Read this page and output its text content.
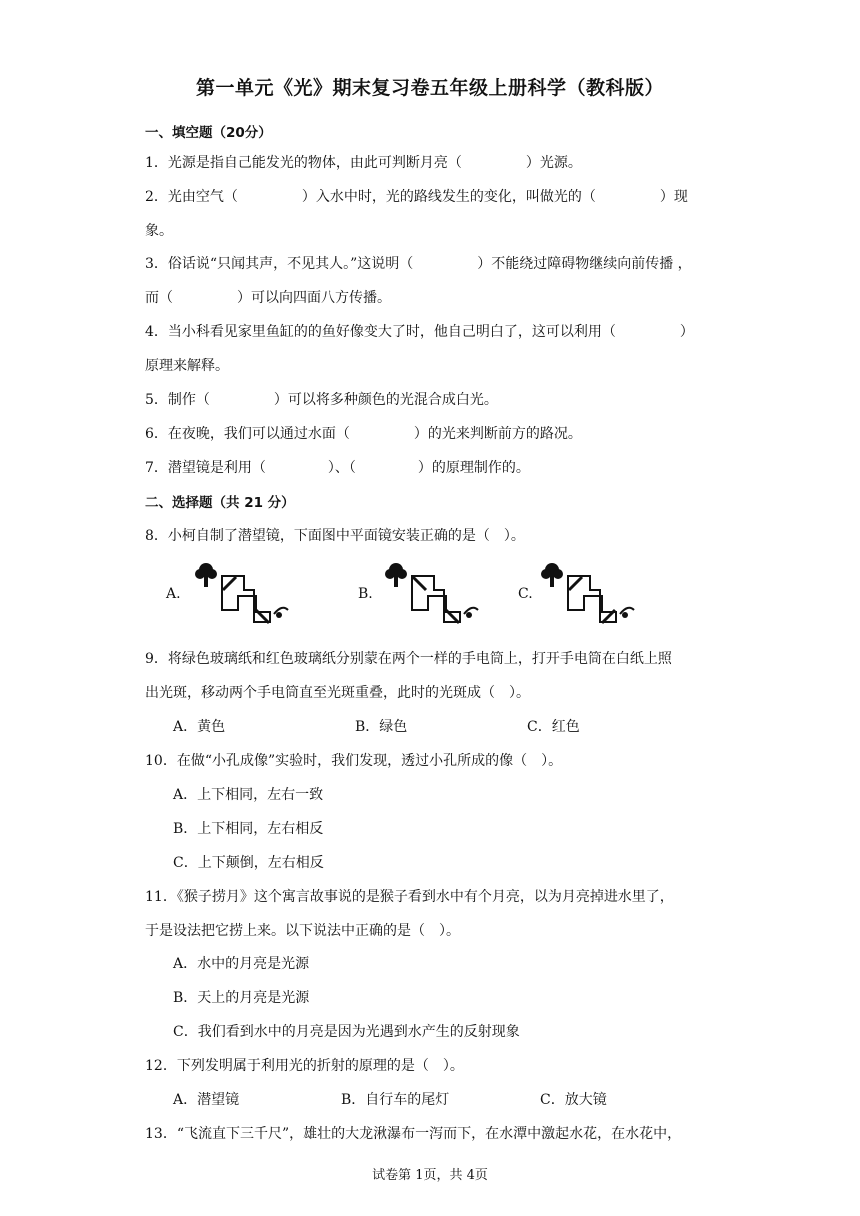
第一单元《光》期末复习卷五年级上册科学（教科版）
一、填空题（20分）
1．光源是指自己能发光的物体，由此可判断月亮（	）光源。
2．光由空气（	）入水中时，光的路线发生的变化，叫做光的（	）现
象。
3．俗话说“只闻其声，不见其人。”这说明（	）不能绕过障碍物继续向前传播 ，
而（	）可以向四面八方传播。
4．当小科看见家里鱼缸的的鱼好像变大了时，他自己明白了，这可以利用（	）
原理来解释。
5．制作（	）可以将多种颜色的光混合成白光。
6．在夜晚，我们可以通过水面（	）的光来判断前方的路况。
7．潜望镜是利用（	）、（	）的原理制作的。
二、选择题（共 21 分）
8．小柯自制了潜望镜，下面图中平面镜安装正确的是（　）。
A.	B.	C.
9．将绿色玻璃纸和红色玻璃纸分别蒙在两个一样的手电筒上，打开手电筒在白纸上照
出光斑，移动两个手电筒直至光斑重叠，此时的光斑成（　）。
A．黄色	B．绿色	C．红色
10．在做“小孔成像”实验时，我们发现，透过小孔所成的像（　）。
A．上下相同，左右一致
B．上下相同，左右相反
C．上下颠倒，左右相反
11．《猴子捞月》这个寓言故事说的是猴子看到水中有个月亮，以为月亮掉进水里了，
于是设法把它捞上来。以下说法中正确的是（　）。
A．水中的月亮是光源
B．天上的月亮是光源
C．我们看到水中的月亮是因为光遇到水产生的反射现象
12．下列发明属于利用光的折射的原理的是（　）。
A．潜望镜	B．自行车的尾灯	C．放大镜
13．“飞流直下三千尺”，雄壮的大龙湫瀑布一泻而下，在水潭中激起水花，在水花中，
试卷第 1页，共 4页
